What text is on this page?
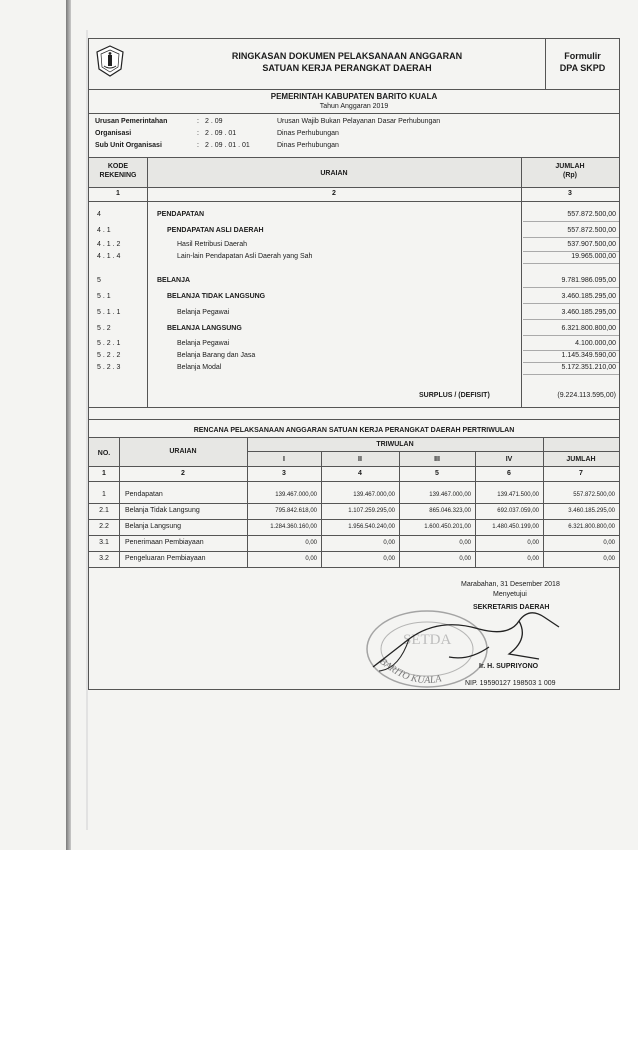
RINGKASAN DOKUMEN PELAKSANAAN ANGGARAN
SATUAN KERJA PERANGKAT DAERAH
Formulir
DPA SKPD
PEMERINTAH KABUPATEN BARITO KUALA
Tahun Anggaran 2019
Urusan Pemerintahan	: 2 . 09	Urusan Wajib Bukan Pelayanan Dasar Perhubungan
Organisasi	: 2 . 09 . 01	Dinas Perhubungan
Sub Unit Organisasi	: 2 . 09 . 01 . 01	Dinas Perhubungan
KODE
REKENING	URAIAN
JUMLAH
(Rp)
1	2	3
4	PENDAPATAN	557.872.500,00
4 . 1	PENDAPATAN ASLI DAERAH	557.872.500,00
4 . 1 . 2	Hasil Retribusi Daerah	537.907.500,00
4 . 1 . 4	Lain-lain Pendapatan Asli Daerah yang Sah	19.965.000,00
5	BELANJA	9.781.986.095,00
5 . 1	BELANJA TIDAK LANGSUNG	3.460.185.295,00
5 . 1 . 1	Belanja Pegawai	3.460.185.295,00
5 . 2	BELANJA LANGSUNG	6.321.800.800,00
5 . 2 . 1	Belanja Pegawai	4.100.000,00
5 . 2 . 2	Belanja Barang dan Jasa	1.145.349.590,00
5 . 2 . 3	Belanja Modal	5.172.351.210,00
SURPLUS / (DEFISIT)	(9.224.113.595,00)
RENCANA PELAKSANAAN ANGGARAN SATUAN KERJA PERANGKAT DAERAH PERTRIWULAN
NO.	URAIAN
TRIWULAN
I	II	III	IV	JUMLAH
1	2	3	4	5	6	7
1	Pendapatan	139.467.000,00	139.467.000,00	139.467.000,00	139.471.500,00	557.872.500,00
2.1	Belanja Tidak Langsung	795.842.618,00	1.107.259.295,00	865.046.323,00	692.037.059,00	3.460.185.295,00
2.2	Belanja Langsung	1.284.360.160,00	1.956.540.240,00	1.600.450.201,00	1.480.450.199,00	6.321.800.800,00
3.1	Penerimaan Pembiayaan	0,00	0,00	0,00	0,00	0,00
3.2	Pengeluaran Pembiayaan	0,00	0,00	0,00	0,00	0,00
Marabahan, 31 Desember 2018
Menyetujui
SEKRETARIS DAERAH
BARITO KUALA
SETDA
Ir. H. SUPRIYONO
NIP. 19590127 198503 1 009
